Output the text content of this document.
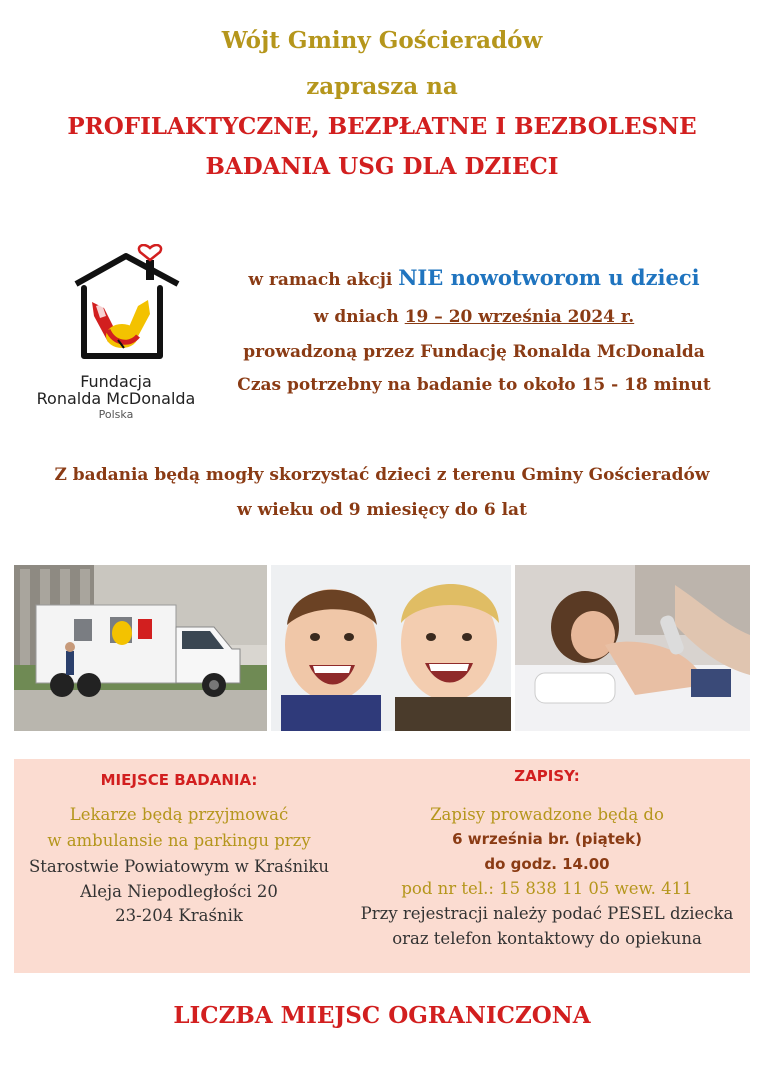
Wójt Gminy Gościeradów
zaprasza na
PROFILAKTYCZNE, BEZPŁATNE I BEZBOLESNE
BADANIA USG DLA DZIECI
Fundacja
Ronalda McDonalda
Polska
w ramach akcji NIE nowotworom u dzieci
w dniach 19 – 20 września 2024 r.
prowadzoną przez Fundację Ronalda McDonalda
Czas potrzebny na badanie to około 15 - 18 minut
Z badania będą mogły skorzystać dzieci z terenu Gminy Gościeradów
w wieku od 9 miesięcy do 6 lat
MIEJSCE BADANIA:
Lekarze będą przyjmować
w ambulansie na parkingu przy
Starostwie Powiatowym w Kraśniku
Aleja Niepodległości 20
23-204 Kraśnik
ZAPISY:
Zapisy prowadzone będą do
6 września br. (piątek)
do godz. 14.00
pod nr tel.: 15 838 11 05 wew. 411
Przy rejestracji należy podać PESEL dziecka
oraz telefon kontaktowy do opiekuna
LICZBA MIEJSC OGRANICZONA
